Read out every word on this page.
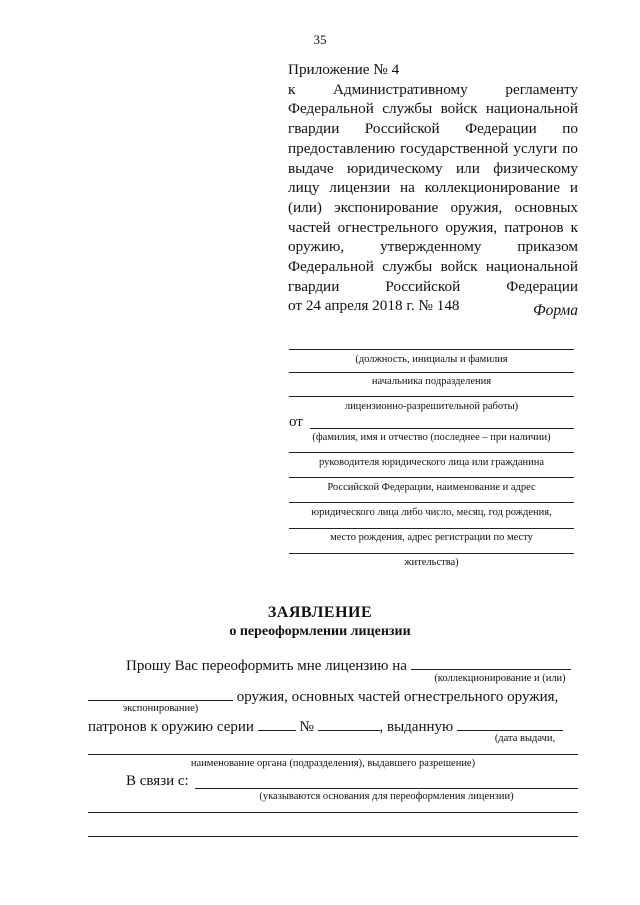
35
Приложение № 4
к Административному регламенту
Федеральной службы войск национальной
гвардии Российской Федерации по
предоставлению государственной услуги по
выдаче юридическому или физическому
лицу лицензии на коллекционирование и
(или) экспонирование оружия, основных
частей огнестрельного оружия, патронов к
оружию, утвержденному приказом
Федеральной службы войск национальной
гвардии Российской Федерации
от 24 апреля 2018 г. № 148	Форма
(должность, инициалы и фамилия
начальника подразделения
лицензионно-разрешительной работы)
от
(фамилия, имя и отчество (последнее – при наличии)
руководителя юридического лица или гражданина
Российской Федерации, наименование и адрес
юридического лица либо число, месяц, год рождения,
место рождения, адрес регистрации по месту
жительства)
ЗАЯВЛЕНИЕ
о переоформлении лицензии
Прошу Вас переоформить мне лицензию на
(коллекционирование и (или)
оружия, основных частей огнестрельного оружия,
экспонирование)
патронов к оружию серии	№	, выданную
(дата выдачи,
наименование органа (подразделения), выдавшего разрешение)
В связи с:
(указываются основания для переоформления лицензии)
